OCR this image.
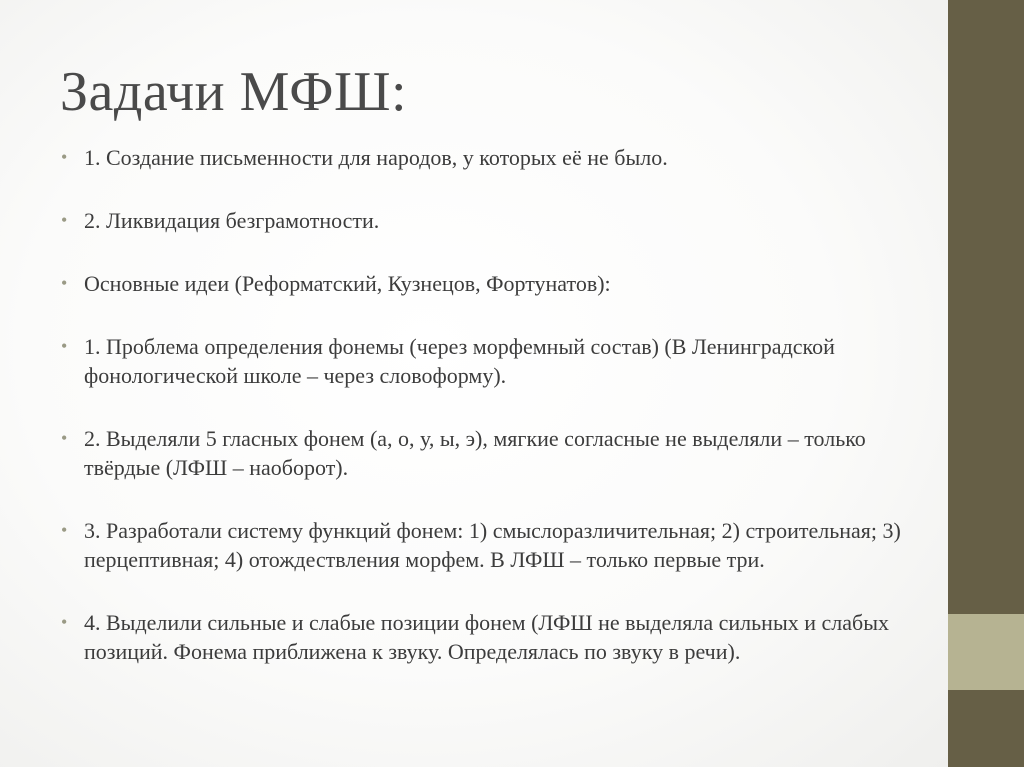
Задачи МФШ:
• 1. Создание письменности для народов, у которых её не было.
• 2. Ликвидация безграмотности.
• Основные идеи (Реформатский, Кузнецов, Фортунатов):
• 1. Проблема определения фонемы (через морфемный состав) (В Ленинградской фонологической школе – через словоформу).
• 2. Выделяли 5 гласных фонем (а, о, у, ы, э), мягкие согласные не выделяли – только твёрдые (ЛФШ – наоборот).
• 3. Разработали систему функций фонем: 1) смыслоразличительная; 2) строительная; 3) перцептивная; 4) отождествления морфем. В ЛФШ – только первые три.
• 4. Выделили сильные и слабые позиции фонем (ЛФШ не выделяла сильных и слабых позиций. Фонема приближена к звуку. Определялась по звуку в речи).
